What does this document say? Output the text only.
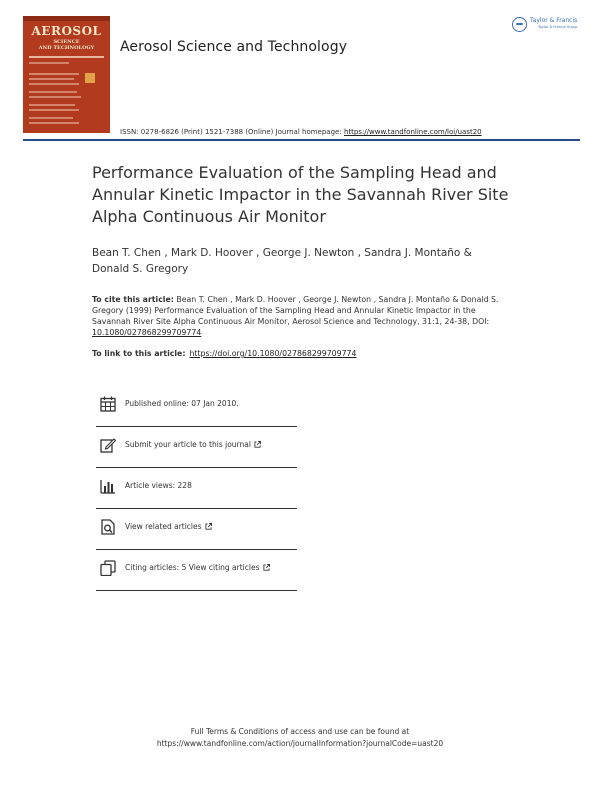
AEROSOL
SCIENCE
AND TECHNOLOGY	Aerosol Science and Technology
Taylor & Francis
Taylor & Francis Group
ISSN: 0278-6826 (Print) 1521-7388 (Online) Journal homepage: https://www.tandfonline.com/loi/uast20
Performance Evaluation of the Sampling Head and Annular Kinetic Impactor in the Savannah River Site Alpha Continuous Air Monitor
Bean T. Chen , Mark D. Hoover , George J. Newton , Sandra J. Montaño & Donald S. Gregory
To cite this article: Bean T. Chen , Mark D. Hoover , George J. Newton , Sandra J. Montaño & Donald S. Gregory (1999) Performance Evaluation of the Sampling Head and Annular Kinetic Impactor in the Savannah River Site Alpha Continuous Air Monitor, Aerosol Science and Technology, 31:1, 24-38, DOI: 10.1080/027868299709774
To link to this article: https://doi.org/10.1080/027868299709774
Published online: 07 Jan 2010.
Submit your article to this journal
Article views: 228
View related articles
Citing articles: 5 View citing articles
Full Terms & Conditions of access and use can be found at
https://www.tandfonline.com/action/journalInformation?journalCode=uast20
